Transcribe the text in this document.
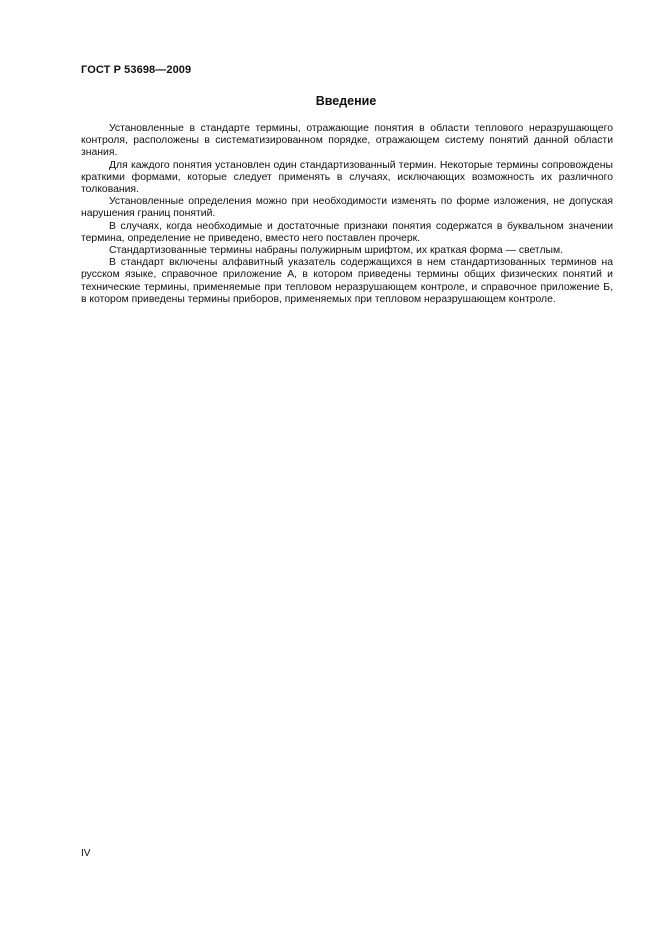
ГОСТ Р 53698—2009
Введение

Установленные в стандарте термины, отражающие понятия в области теплового неразрушающего контроля, расположены в систематизированном порядке, отражающем систему понятий данной области знания.

Для каждого понятия установлен один стандартизованный термин. Некоторые термины сопровождены краткими формами, которые следует применять в случаях, исключающих возможность их различного толкования.

Установленные определения можно при необходимости изменять по форме изложения, не допуская нарушения границ понятий.

В случаях, когда необходимые и достаточные признаки понятия содержатся в буквальном значении термина, определение не приведено, вместо него поставлен прочерк.

Стандартизованные термины набраны полужирным шрифтом, их краткая форма — светлым.

В стандарт включены алфавитный указатель содержащихся в нем стандартизованных терминов на русском языке, справочное приложение А, в котором приведены термины общих физических понятий и технические термины, применяемые при тепловом неразрушающем контроле, и справочное приложение Б, в котором приведены термины приборов, применяемых при тепловом неразрушающем контроле.

IV
